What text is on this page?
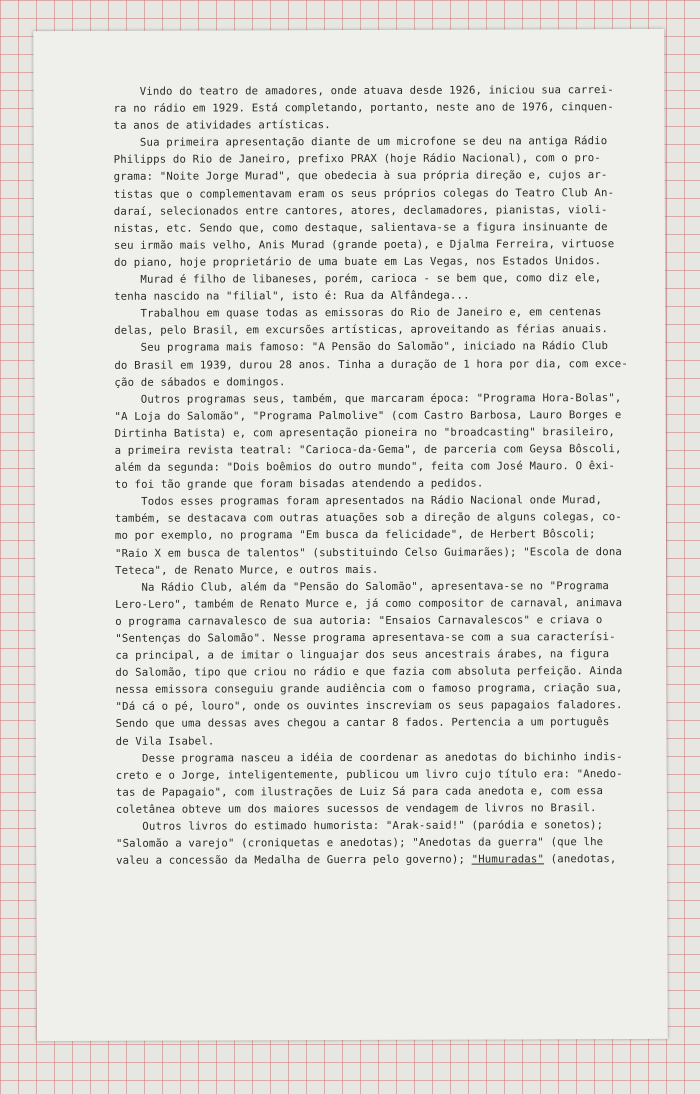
Vindo do teatro de amadores, onde atuava desde 1926, iniciou sua carrei-
ra no rádio em 1929. Está completando, portanto, neste ano de 1976, cinquen-
ta anos de atividades artísticas.
Sua primeira apresentação diante de um microfone se deu na antiga Rádio
Philipps do Rio de Janeiro, prefixo PRAX (hoje Rádio Nacional), com o pro-
grama: "Noite Jorge Murad", que obedecia à sua própria direção e, cujos ar-
tistas que o complementavam eram os seus próprios colegas do Teatro Club An-
daraí, selecionados entre cantores, atores, declamadores, pianistas, violi-
nistas, etc. Sendo que, como destaque, salientava-se a figura insinuante de
seu irmão mais velho, Anis Murad (grande poeta), e Djalma Ferreira, virtuose
do piano, hoje proprietário de uma buate em Las Vegas, nos Estados Unidos.
Murad é filho de libaneses, porém, carioca - se bem que, como diz ele,
tenha nascido na "filial", isto é: Rua da Alfândega...
Trabalhou em quase todas as emissoras do Rio de Janeiro e, em centenas
delas, pelo Brasil, em excursões artísticas, aproveitando as férias anuais.
Seu programa mais famoso: "A Pensão do Salomão", iniciado na Rádio Club
do Brasil em 1939, durou 28 anos. Tinha a duração de 1 hora por dia, com exce-
ção de sábados e domingos.
Outros programas seus, também, que marcaram época: "Programa Hora-Bolas",
"A Loja do Salomão", "Programa Palmolive" (com Castro Barbosa, Lauro Borges e
Dirtinha Batista) e, com apresentação pioneira no "broadcasting" brasileiro,
a primeira revista teatral: "Carioca-da-Gema", de parceria com Geysa Bôscoli,
além da segunda: "Dois boêmios do outro mundo", feita com José Mauro. O êxi-
to foi tão grande que foram bisadas atendendo a pedidos.
Todos esses programas foram apresentados na Rádio Nacional onde Murad,
também, se destacava com outras atuações sob a direção de alguns colegas, co-
mo por exemplo, no programa "Em busca da felicidade", de Herbert Bôscoli;
"Raio X em busca de talentos" (substituindo Celso Guimarães); "Escola de dona
Teteca", de Renato Murce, e outros mais.
Na Rádio Club, além da "Pensão do Salomão", apresentava-se no "Programa
Lero-Lero", também de Renato Murce e, já como compositor de carnaval, animava
o programa carnavalesco de sua autoria: "Ensaios Carnavalescos" e criava o
"Sentenças do Salomão". Nesse programa apresentava-se com a sua caracterísi-
ca principal, a de imitar o linguajar dos seus ancestrais árabes, na figura
do Salomão, tipo que criou no rádio e que fazia com absoluta perfeição. Ainda
nessa emissora conseguiu grande audiência com o famoso programa, criação sua,
"Dá cá o pé, louro", onde os ouvintes inscreviam os seus papagaios faladores.
Sendo que uma dessas aves chegou a cantar 8 fados. Pertencia a um português
de Vila Isabel.
Desse programa nasceu a idéia de coordenar as anedotas do bichinho indis-
creto e o Jorge, inteligentemente, publicou um livro cujo título era: "Anedo-
tas de Papagaio", com ilustrações de Luiz Sá para cada anedota e, com essa
coletânea obteve um dos maiores sucessos de vendagem de livros no Brasil.
Outros livros do estimado humorista: "Arak-said!" (paródia e sonetos);
"Salomão a varejo" (croniquetas e anedotas); "Anedotas da guerra" (que lhe
valeu a concessão da Medalha de Guerra pelo governo); "Humuradas" (anedotas,
